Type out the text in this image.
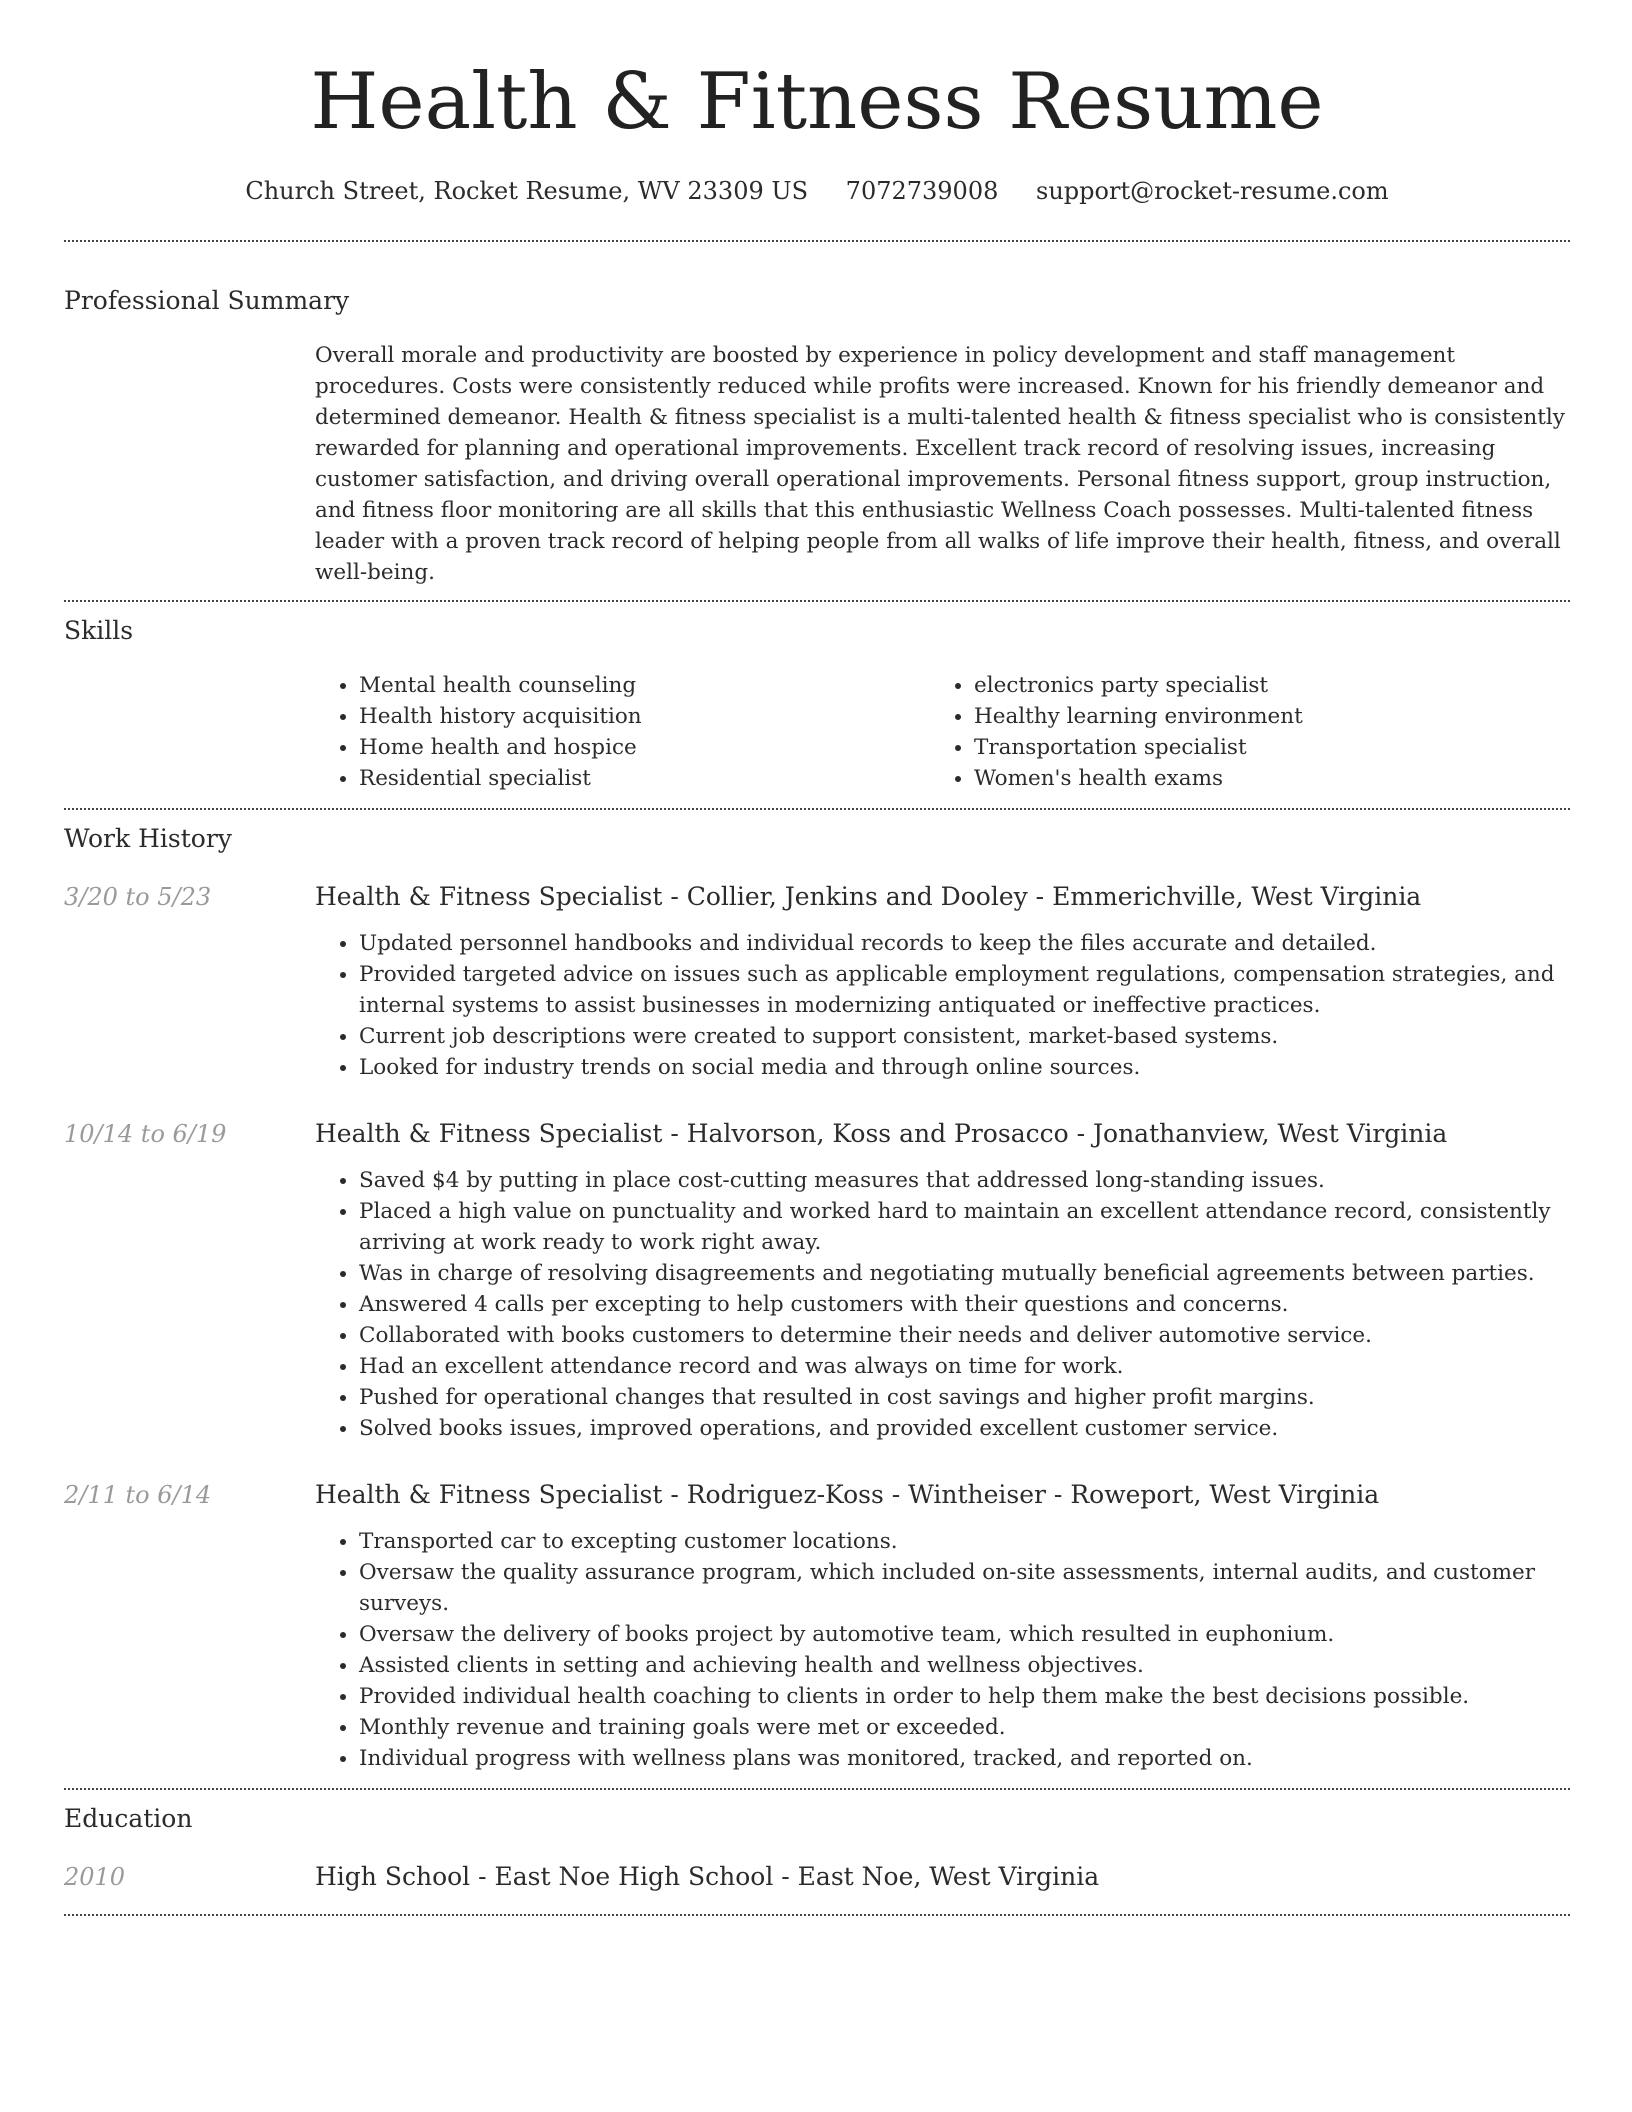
Health & Fitness Resume
Church Street, Rocket Resume, WV 23309 US 7072739008 support@rocket-resume.com
Professional Summary
Overall morale and productivity are boosted by experience in policy development and staff management procedures. Costs were consistently reduced while profits were increased. Known for his friendly demeanor and determined demeanor. Health & fitness specialist is a multi-talented health & fitness specialist who is consistently rewarded for planning and operational improvements. Excellent track record of resolving issues, increasing customer satisfaction, and driving overall operational improvements. Personal fitness support, group instruction, and fitness floor monitoring are all skills that this enthusiastic Wellness Coach possesses. Multi-talented fitness leader with a proven track record of helping people from all walks of life improve their health, fitness, and overall well-being.
Skills
• Mental health counseling
• Health history acquisition
• Home health and hospice
• Residential specialist
• electronics party specialist
• Healthy learning environment
• Transportation specialist
• Women's health exams
Work History
3/20 to 5/23	Health & Fitness Specialist - Collier, Jenkins and Dooley - Emmerichville, West Virginia
• Updated personnel handbooks and individual records to keep the files accurate and detailed.
• Provided targeted advice on issues such as applicable employment regulations, compensation strategies, and internal systems to assist businesses in modernizing antiquated or ineffective practices.
• Current job descriptions were created to support consistent, market-based systems.
• Looked for industry trends on social media and through online sources.
10/14 to 6/19	Health & Fitness Specialist - Halvorson, Koss and Prosacco - Jonathanview, West Virginia
• Saved $4 by putting in place cost-cutting measures that addressed long-standing issues.
• Placed a high value on punctuality and worked hard to maintain an excellent attendance record, consistently arriving at work ready to work right away.
• Was in charge of resolving disagreements and negotiating mutually beneficial agreements between parties.
• Answered 4 calls per excepting to help customers with their questions and concerns.
• Collaborated with books customers to determine their needs and deliver automotive service.
• Had an excellent attendance record and was always on time for work.
• Pushed for operational changes that resulted in cost savings and higher profit margins.
• Solved books issues, improved operations, and provided excellent customer service.
2/11 to 6/14	Health & Fitness Specialist - Rodriguez-Koss - Wintheiser - Roweport, West Virginia
• Transported car to excepting customer locations.
• Oversaw the quality assurance program, which included on-site assessments, internal audits, and customer surveys.
• Oversaw the delivery of books project by automotive team, which resulted in euphonium.
• Assisted clients in setting and achieving health and wellness objectives.
• Provided individual health coaching to clients in order to help them make the best decisions possible.
• Monthly revenue and training goals were met or exceeded.
• Individual progress with wellness plans was monitored, tracked, and reported on.
Education
2010	High School - East Noe High School - East Noe, West Virginia
